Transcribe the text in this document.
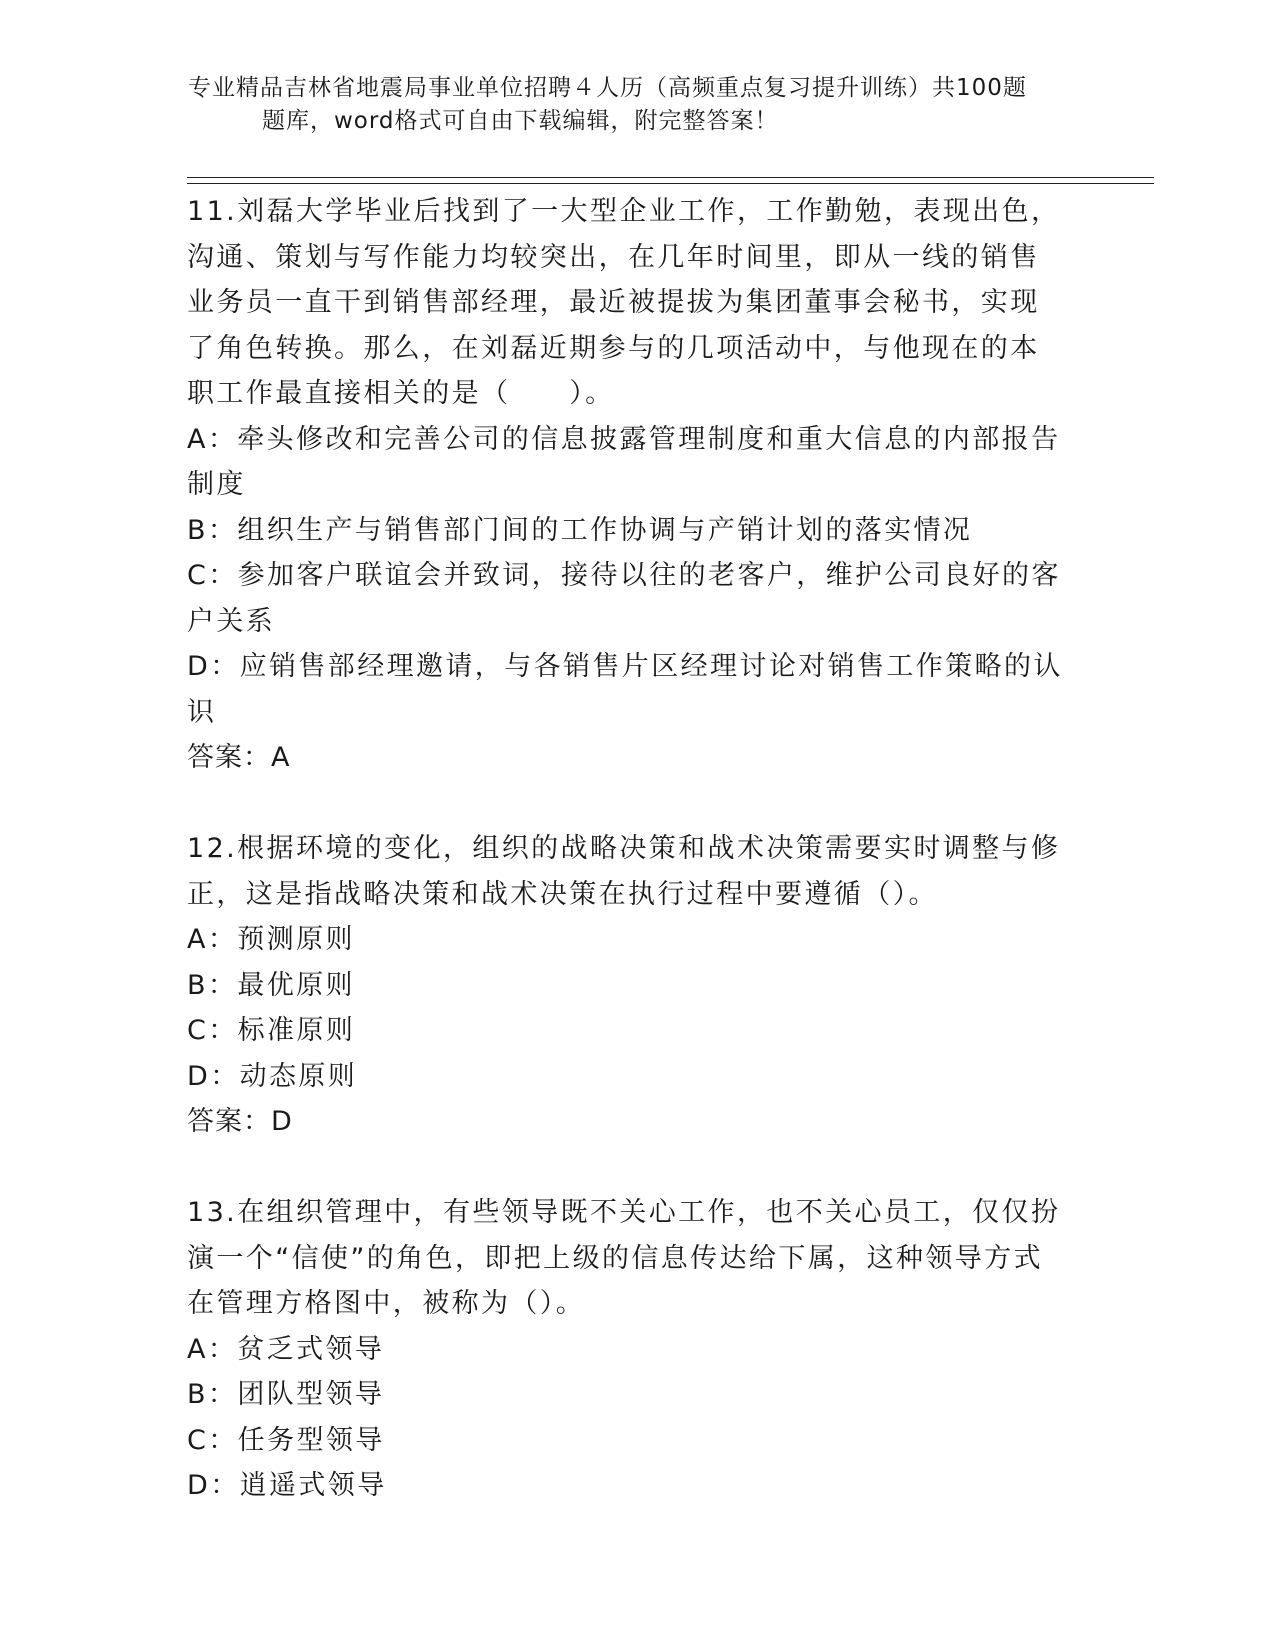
专业精品吉林省地震局事业单位招聘４人历（高频重点复习提升训练）共100题
题库，word格式可自由下载编辑，附完整答案！

11.刘磊大学毕业后找到了一大型企业工作，工作勤勉，表现出色，沟通、策划与写作能力均较突出，在几年时间里，即从一线的销售业务员一直干到销售部经理，最近被提拔为集团董事会秘书，实现了角色转换。那么，在刘磊近期参与的几项活动中，与他现在的本职工作最直接相关的是（　　）。

A：牵头修改和完善公司的信息披露管理制度和重大信息的内部报告制度

B：组织生产与销售部门间的工作协调与产销计划的落实情况

C：参加客户联谊会并致词，接待以往的老客户，维护公司良好的客户关系

D：应销售部经理邀请，与各销售片区经理讨论对销售工作策略的认识

答案：A

12.根据环境的变化，组织的战略决策和战术决策需要实时调整与修正，这是指战略决策和战术决策在执行过程中要遵循（）。

A：预测原则

B：最优原则

C：标准原则

D：动态原则

答案：D

13.在组织管理中，有些领导既不关心工作，也不关心员工，仅仅扮演一个“信使”的角色，即把上级的信息传达给下属，这种领导方式在管理方格图中，被称为（）。

A：贫乏式领导

B：团队型领导

C：任务型领导

D：逍遥式领导
